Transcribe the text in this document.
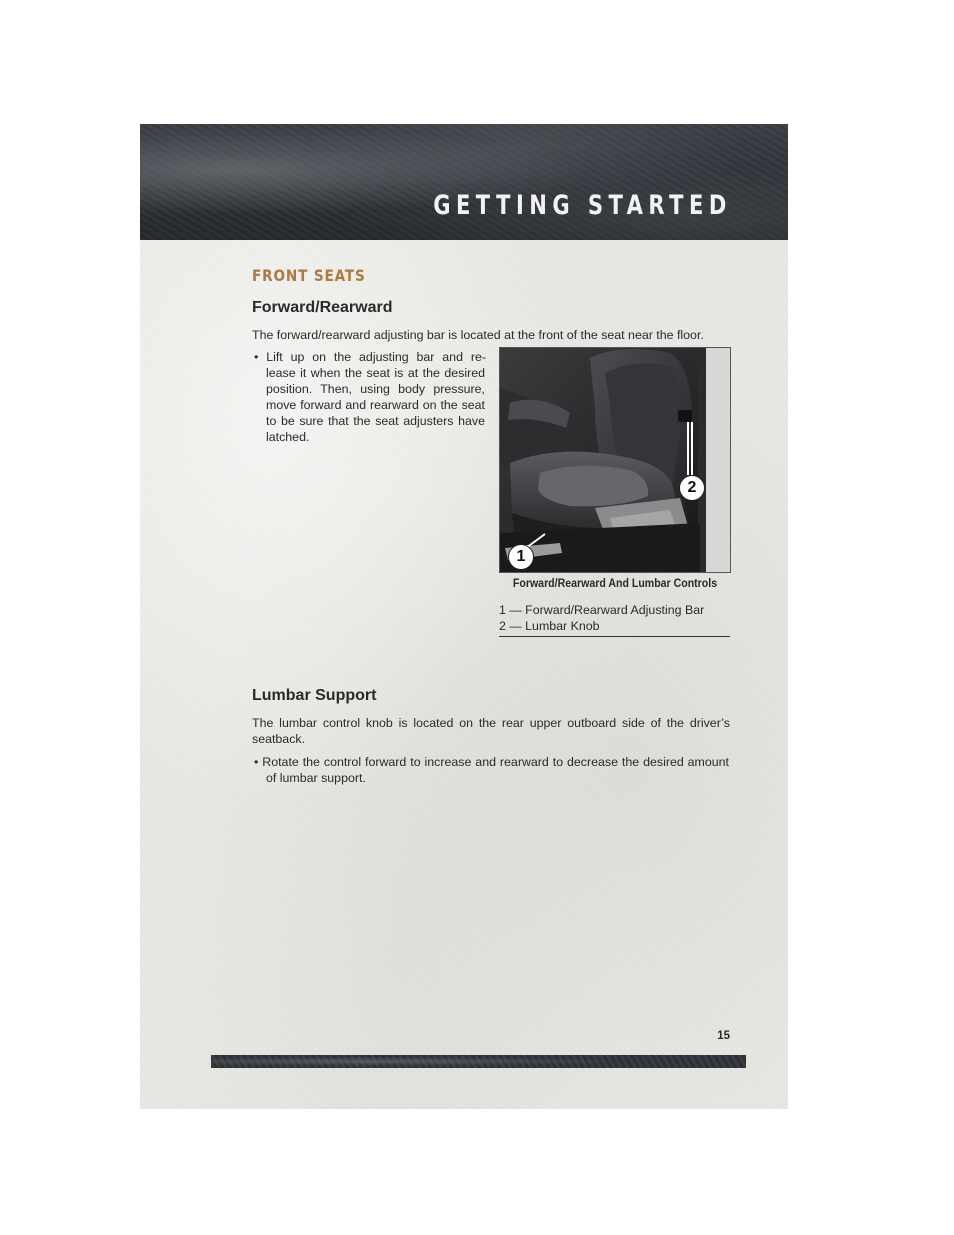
GETTING STARTED
FRONT SEATS
Forward/Rearward
The forward/rearward adjusting bar is located at the front of the seat near the floor.
• Lift up on the adjusting bar and re-
lease it when the seat is at the desired
position. Then, using body pressure,
move forward and rearward on the seat
to be sure that the seat adjusters have
latched.
2
1
Forward/Rearward And Lumbar Controls
1 — Forward/Rearward Adjusting Bar
2 — Lumbar Knob
Lumbar Support
The lumbar control knob is located on the rear upper outboard side of the driver’s seatback.
• Rotate the control forward to increase and rearward to decrease the desired amount of lumbar support.
15
